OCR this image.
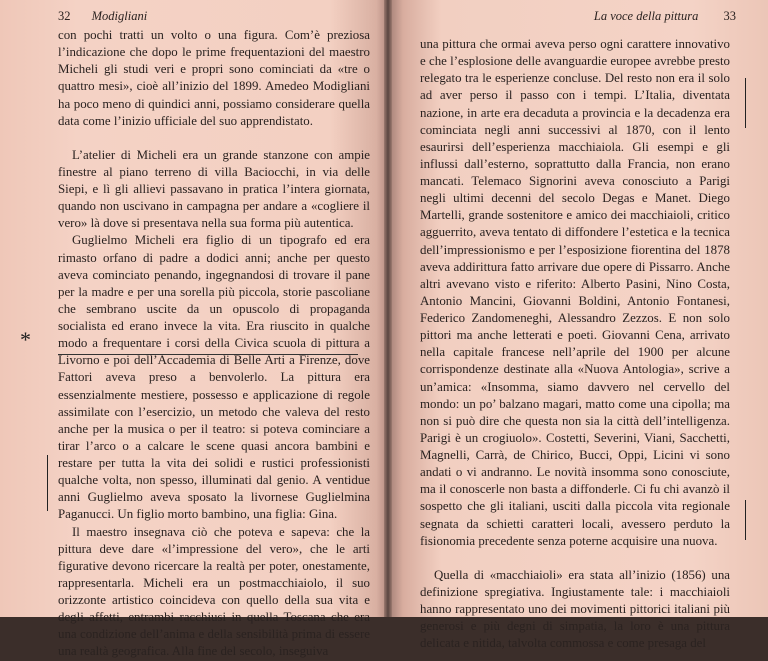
32 Modigliani

con pochi tratti un volto o una figura. Com’è preziosa l’indicazione che dopo le prime frequentazioni del maestro Micheli gli studi veri e propri sono cominciati da «tre o quattro mesi», cioè all’inizio del 1899. Amedeo Modigliani ha poco meno di quindici anni, possiamo considerare quella data come l’inizio ufficiale del suo apprendistato.

L’atelier di Micheli era un grande stanzone con ampie finestre al piano terreno di villa Baciocchi, in via delle Siepi, e lì gli allievi passavano in pratica l’intera giornata, quando non uscivano in campagna per andare a «cogliere il vero» là dove si presentava nella sua forma più autentica.

Guglielmo Micheli era figlio di un tipografo ed era rimasto orfano di padre a dodici anni; anche per questo aveva cominciato penando, ingegnandosi di trovare il pane per la madre e per una sorella più piccola, storie pascoliane che sembrano uscite da un opuscolo di propaganda socialista ed erano invece la vita. Era riuscito in qualche modo a frequentare i corsi della Civica scuola di pittura a Livorno e poi dell’Accademia di Belle Arti a Firenze, dove Fattori aveva preso a benvolerlo. La pittura era essenzialmente mestiere, possesso e applicazione di regole assimilate con l’esercizio, un metodo che valeva del resto anche per la musica o per il teatro: si poteva cominciare a tirar l’arco o a calcare le scene quasi ancora bambini e restare per tutta la vita dei solidi e rustici professionisti qualche volta, non spesso, illuminati dal genio. A ventidue anni Guglielmo aveva sposato la livornese Guglielmina Paganucci. Un figlio morto bambino, una figlia: Gina.

Il maestro insegnava ciò che poteva e sapeva: che la pittura deve dare «l’impressione del vero», che le arti figurative devono ricercare la realtà per poter, onestamente, rappresentarla. Micheli era un postmacchiaiolo, il suo orizzonte artistico coincideva con quello della sua vita e degli affetti, entrambi racchiusi in quella Toscana che era una condizione dell’anima e della sensibilità prima di essere una realtà geografica. Alla fine del secolo, inseguiva

*
La voce della pittura 33

una pittura che ormai aveva perso ogni carattere innovativo e che l’esplosione delle avanguardie europee avrebbe presto relegato tra le esperienze concluse. Del resto non era il solo ad aver perso il passo con i tempi. L’Italia, diventata nazione, in arte era decaduta a provincia e la decadenza era cominciata negli anni successivi al 1870, con il lento esaurirsi dell’esperienza macchiaiola. Gli esempi e gli influssi dall’esterno, soprattutto dalla Francia, non erano mancati. Telemaco Signorini aveva conosciuto a Parigi negli ultimi decenni del secolo Degas e Manet. Diego Martelli, grande sostenitore e amico dei macchiaioli, critico agguerrito, aveva tentato di diffondere l’estetica e la tecnica dell’impressionismo e per l’esposizione fiorentina del 1878 aveva addirittura fatto arrivare due opere di Pissarro. Anche altri avevano visto e riferito: Alberto Pasini, Nino Costa, Antonio Mancini, Giovanni Boldini, Antonio Fontanesi, Federico Zandomeneghi, Alessandro Zezzos. E non solo pittori ma anche letterati e poeti. Giovanni Cena, arrivato nella capitale francese nell’aprile del 1900 per alcune corrispondenze destinate alla «Nuova Antologia», scrive a un’amica: «Insomma, siamo davvero nel cervello del mondo: un po’ balzano magari, matto come una cipolla; ma non si può dire che questa non sia la città dell’intelligenza. Parigi è un crogiuolo». Costetti, Severini, Viani, Sacchetti, Magnelli, Carrà, de Chirico, Bucci, Oppi, Licini vi sono andati o vi andranno. Le novità insomma sono conosciute, ma il conoscerle non basta a diffonderle. Ci fu chi avanzò il sospetto che gli italiani, usciti dalla piccola vita regionale segnata da schietti caratteri locali, avessero perduto la fisionomia precedente senza poterne acquisire una nuova.

Quella di «macchiaioli» era stata all’inizio (1856) una definizione spregiativa. Ingiustamente tale: i macchiaioli hanno rappresentato uno dei movimenti pittorici italiani più generosi e più degni di simpatia, la loro è una pittura delicata e nitida, talvolta commossa e come presaga del
